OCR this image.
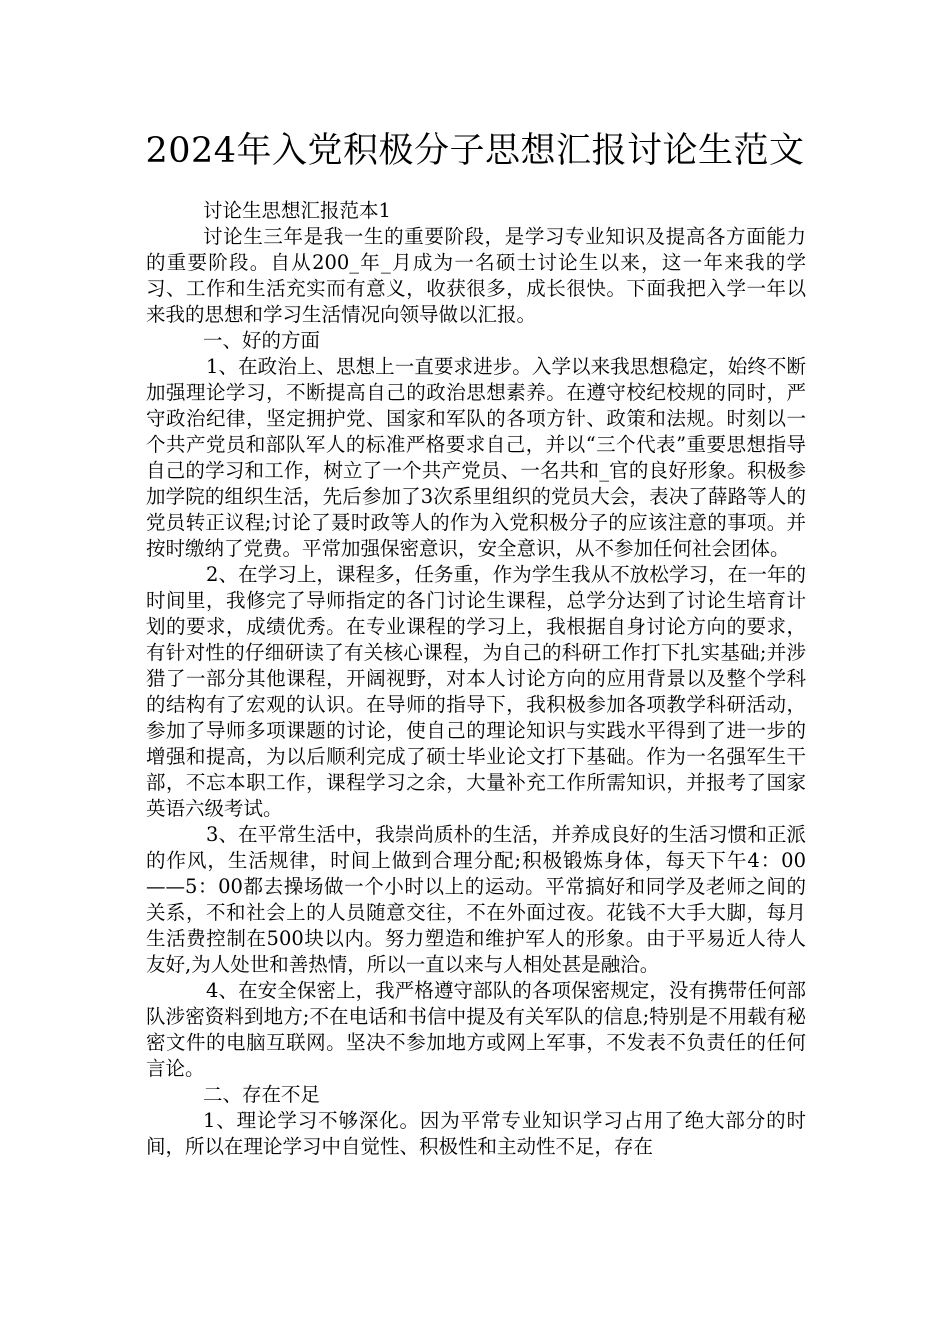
2024年入党积极分子思想汇报讨论生范文

讨论生思想汇报范本1

讨论生三年是我一生的重要阶段，是学习专业知识及提高各方面能力的重要阶段。自从200_年_月成为一名硕士讨论生以来，这一年来我的学习、工作和生活充实而有意义，收获很多，成长很快。下面我把入学一年以来我的思想和学习生活情况向领导做以汇报。

一、好的方面

1、在政治上、思想上一直要求进步。入学以来我思想稳定，始终不断加强理论学习，不断提高自己的政治思想素养。在遵守校纪校规的同时，严守政治纪律，坚定拥护党、国家和军队的各项方针、政策和法规。时刻以一个共产党员和部队军人的标准严格要求自己，并以“三个代表”重要思想指导自己的学习和工作，树立了一个共产党员、一名共和_官的良好形象。积极参加学院的组织生活，先后参加了3次系里组织的党员大会，表决了薛路等人的党员转正议程;讨论了聂时政等人的作为入党积极分子的应该注意的事项。并按时缴纳了党费。平常加强保密意识，安全意识，从不参加任何社会团体。

2、在学习上，课程多，任务重，作为学生我从不放松学习，在一年的时间里，我修完了导师指定的各门讨论生课程，总学分达到了讨论生培育计划的要求，成绩优秀。在专业课程的学习上，我根据自身讨论方向的要求，有针对性的仔细研读了有关核心课程，为自己的科研工作打下扎实基础;并涉猎了一部分其他课程，开阔视野，对本人讨论方向的应用背景以及整个学科的结构有了宏观的认识。在导师的指导下，我积极参加各项教学科研活动，参加了导师多项课题的讨论，使自己的理论知识与实践水平得到了进一步的增强和提高，为以后顺利完成了硕士毕业论文打下基础。作为一名强军生干部，不忘本职工作，课程学习之余，大量补充工作所需知识，并报考了国家英语六级考试。

3、在平常生活中，我崇尚质朴的生活，并养成良好的生活习惯和正派的作风，生活规律，时间上做到合理分配;积极锻炼身体，每天下午4：00——5：00都去操场做一个小时以上的运动。平常搞好和同学及老师之间的关系，不和社会上的人员随意交往，不在外面过夜。花钱不大手大脚，每月生活费控制在500块以内。努力塑造和维护军人的形象。由于平易近人待人友好,为人处世和善热情，所以一直以来与人相处甚是融洽。

4、在安全保密上，我严格遵守部队的各项保密规定，没有携带任何部队涉密资料到地方;不在电话和书信中提及有关军队的信息;特别是不用载有秘密文件的电脑互联网。坚决不参加地方或网上军事，不发表不负责任的任何言论。

二、存在不足

1、理论学习不够深化。因为平常专业知识学习占用了绝大部分的时间，所以在理论学习中自觉性、积极性和主动性不足，存在
